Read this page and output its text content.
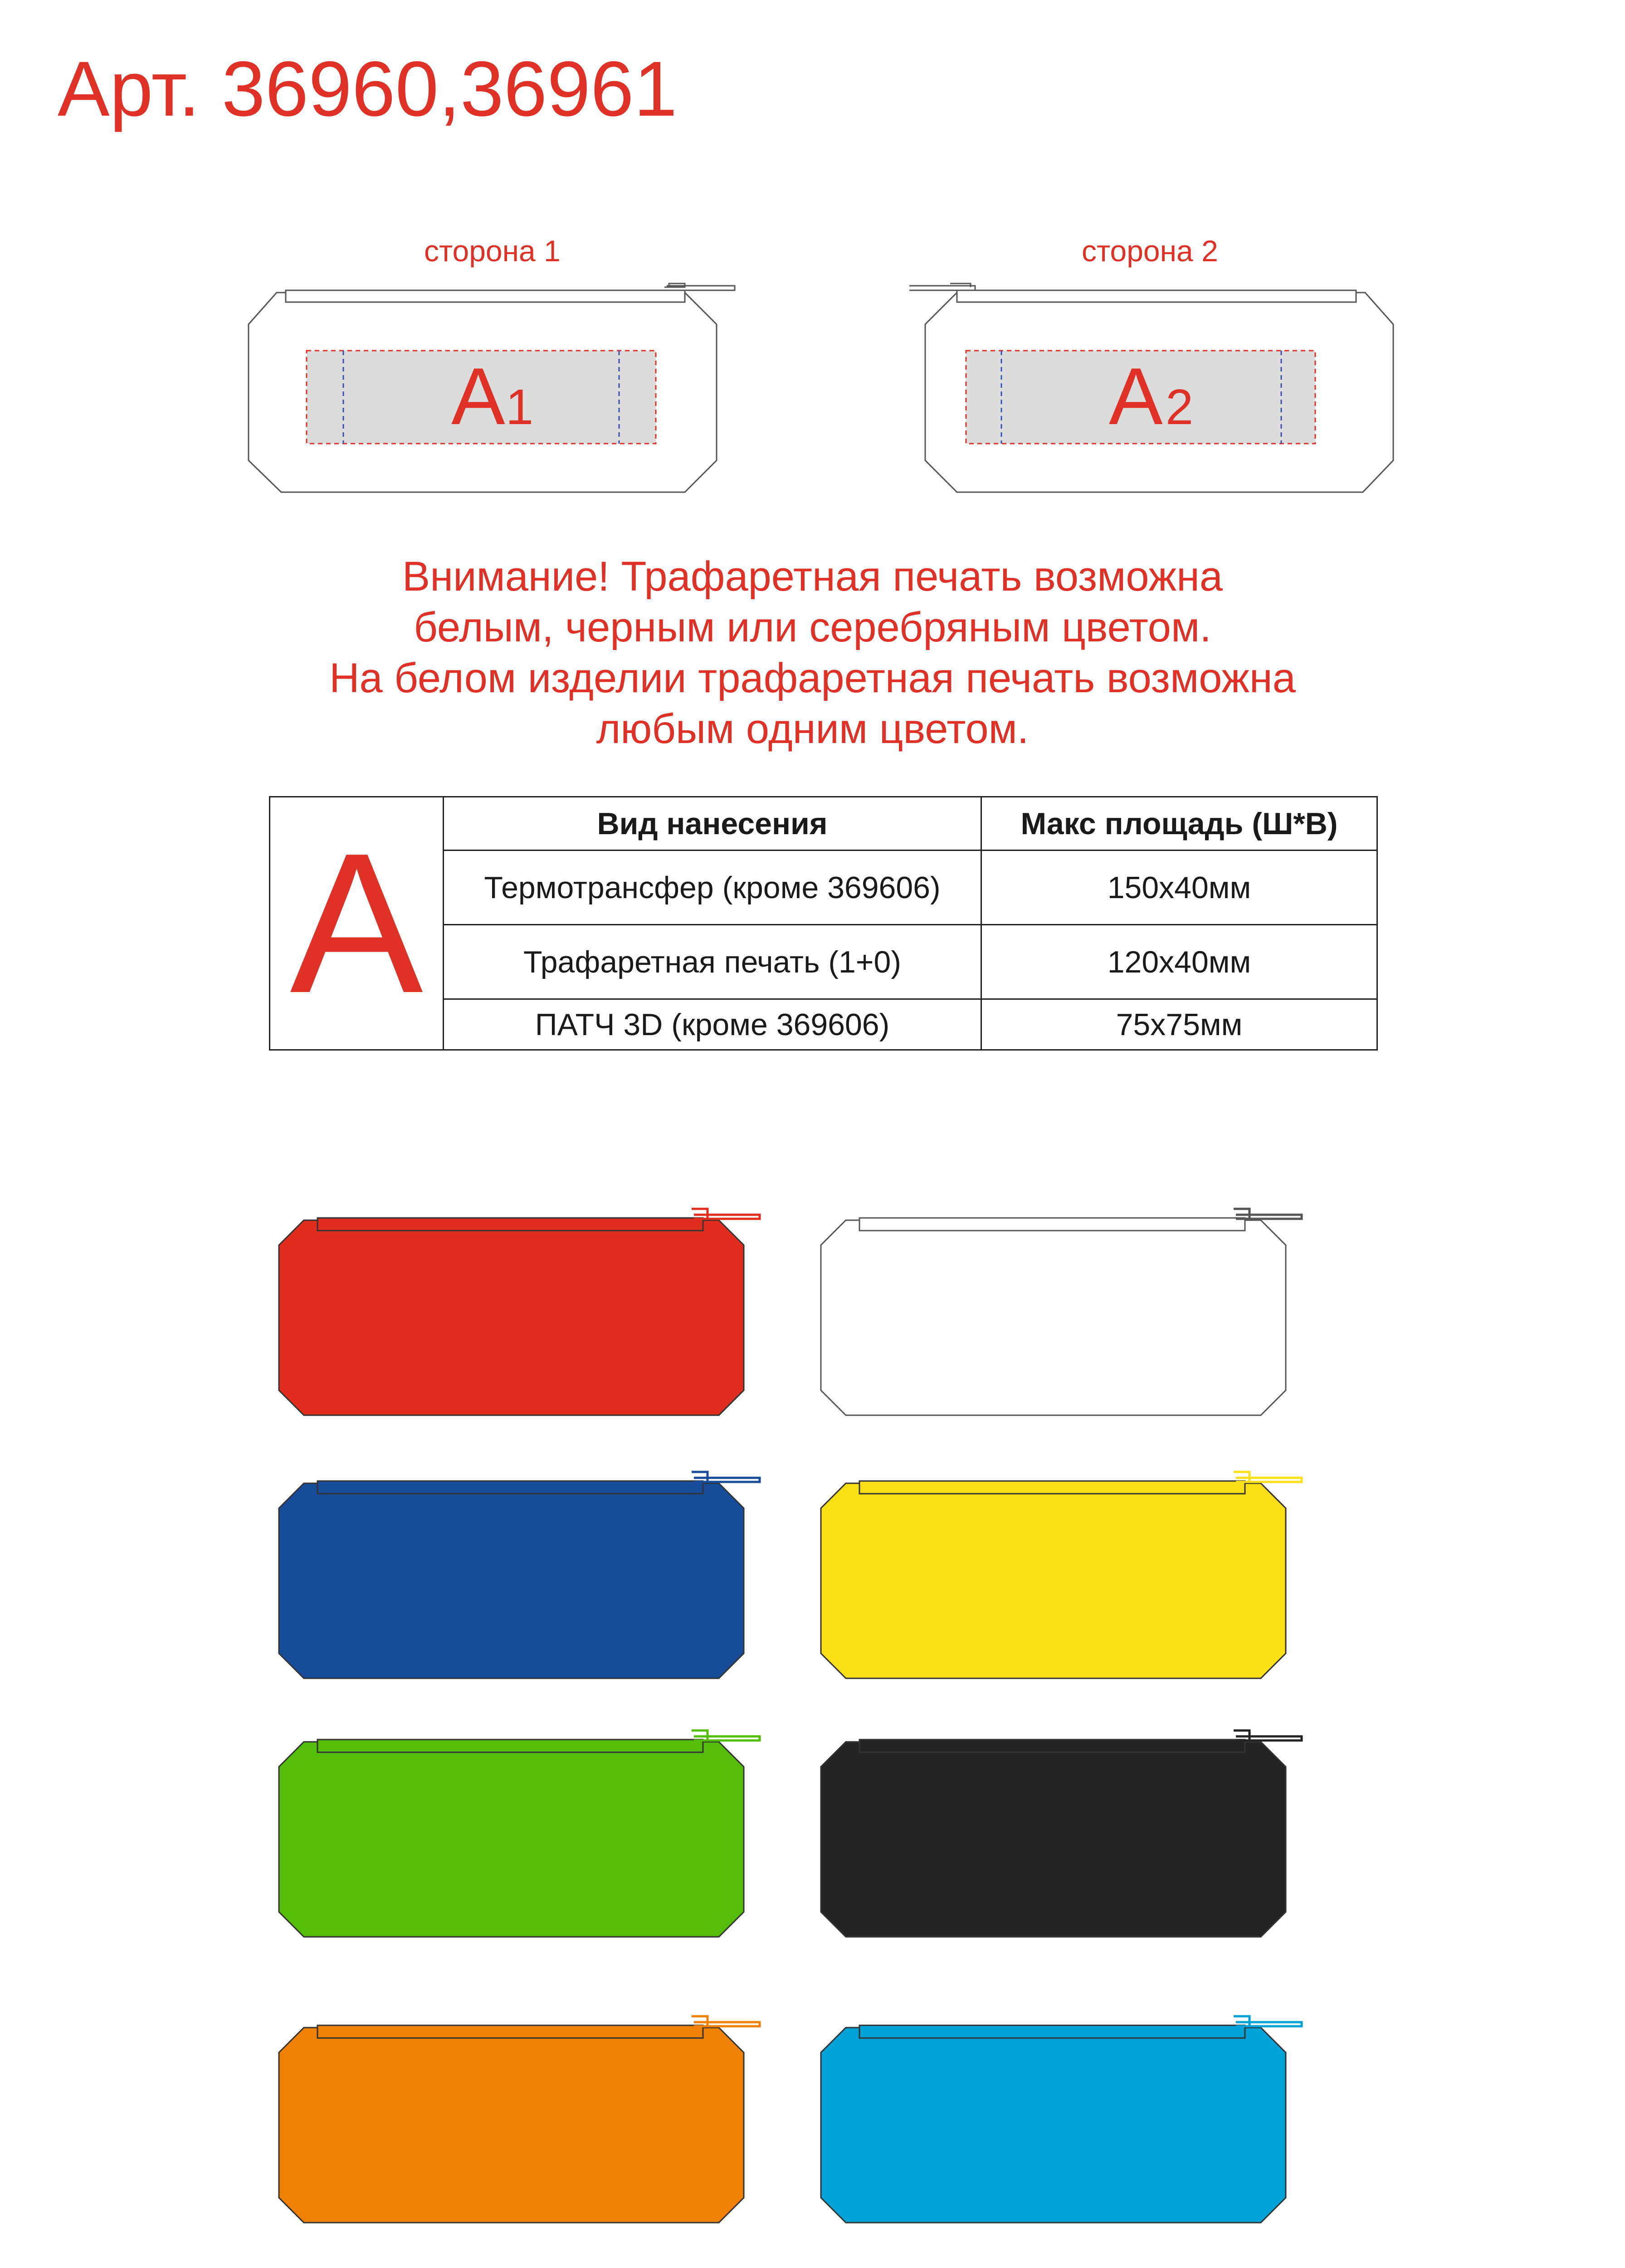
Арт. 36960,36961
сторона 1	сторона 2
A 1	A 2
Внимание! Трафаретная печать возможна
белым, черным или серебряным цветом.
На белом изделии трафаретная печать возможна
любым одним цветом.
A	Вид нанесения	Макс площадь (Ш*В)
	Термотрансфер (кроме 369606)	150х40мм
	Трафаретная печать (1+0)	120х40мм
	ПАТЧ 3D (кроме 369606)	75х75мм
